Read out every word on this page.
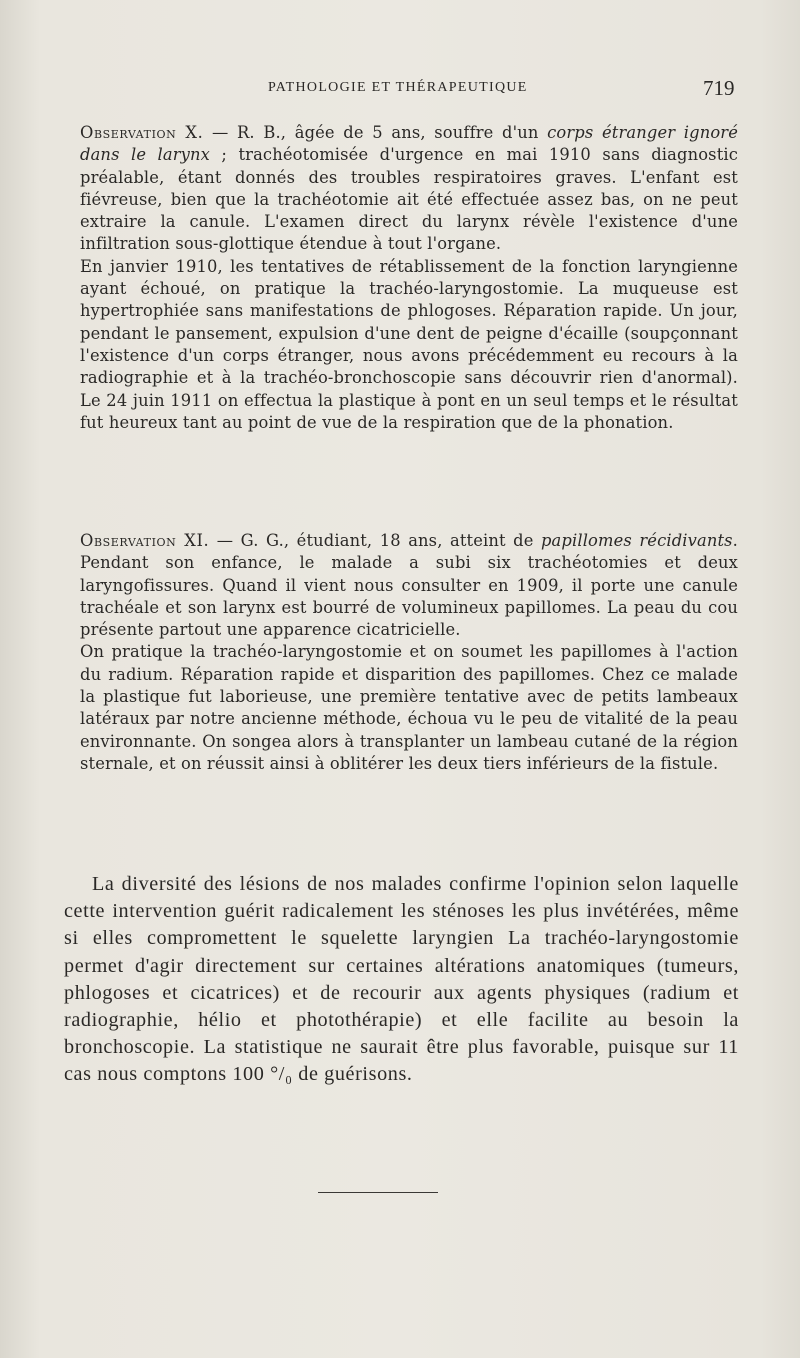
PATHOLOGIE ET THÉRAPEUTIQUE	719

Observation X. — R. B., âgée de 5 ans, souffre d'un corps étranger ignoré dans le larynx ; trachéotomisée d'urgence en mai 1910 sans diagnostic préalable, étant donnés des troubles respiratoires graves. L'enfant est fiévreuse, bien que la trachéotomie ait été effectuée assez bas, on ne peut extraire la canule. L'examen direct du larynx révèle l'existence d'une infiltration sous-glottique étendue à tout l'organe.

En janvier 1910, les tentatives de rétablissement de la fonction laryngienne ayant échoué, on pratique la trachéo-laryngostomie. La muqueuse est hypertrophiée sans manifestations de phlogoses. Réparation rapide. Un jour, pendant le pansement, expulsion d'une dent de peigne d'écaille (soupçonnant l'existence d'un corps étranger, nous avons précédemment eu recours à la radiographie et à la trachéo-bronchoscopie sans découvrir rien d'anormal). Le 24 juin 1911 on effectua la plastique à pont en un seul temps et le résultat fut heureux tant au point de vue de la respiration que de la phonation.

Observation XI. — G. G., étudiant, 18 ans, atteint de papillomes récidivants. Pendant son enfance, le malade a subi six trachéotomies et deux laryngofissures. Quand il vient nous consulter en 1909, il porte une canule trachéale et son larynx est bourré de volumineux papillomes. La peau du cou présente partout une apparence cicatricielle.

On pratique la trachéo-laryngostomie et on soumet les papillomes à l'action du radium. Réparation rapide et disparition des papillomes. Chez ce malade la plastique fut laborieuse, une première tentative avec de petits lambeaux latéraux par notre ancienne méthode, échoua vu le peu de vitalité de la peau environnante. On songea alors à transplanter un lambeau cutané de la région sternale, et on réussit ainsi à oblitérer les deux tiers inférieurs de la fistule.

La diversité des lésions de nos malades confirme l'opinion selon laquelle cette intervention guérit radicalement les sténoses les plus invétérées, même si elles compromettent le squelette laryngien La trachéo-laryngostomie permet d'agir directement sur certaines altérations anatomiques (tumeurs, phlogoses et cicatrices) et de recourir aux agents physiques (radium et radiographie, hélio et photothérapie) et elle facilite au besoin la bronchoscopie. La statistique ne saurait être plus favorable, puisque sur 11 cas nous comptons 100 °/₀ de guérisons.
